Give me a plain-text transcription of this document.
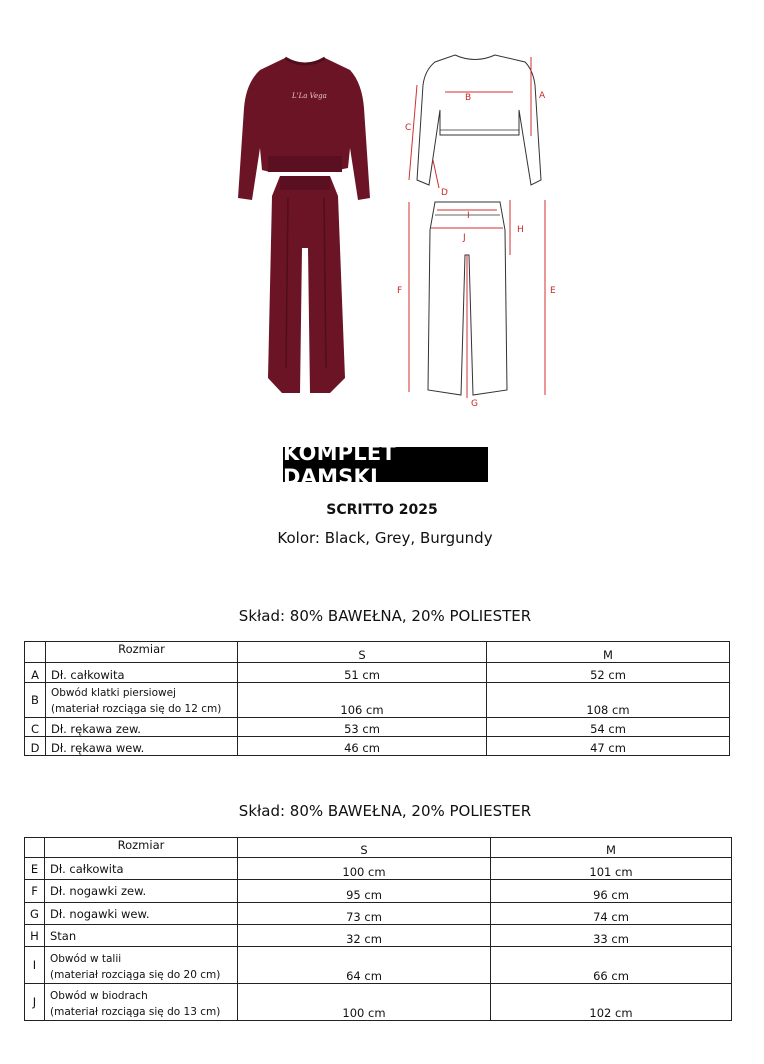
L'La Vega	B	A
C
D
I
J
H
E
F
G
KOMPLET DAMSKI
SCRITTO 2025
Kolor: Black, Grey, Burgundy
Skład: 80% BAWEŁNA, 20% POLIESTER
	Rozmiar	S	M
A	Dł. całkowita	51 cm	52 cm
B	Obwód klatki piersiowej
(materiał rozciąga się do 12 cm)	106 cm	108 cm
C	Dł. rękawa zew.	53 cm	54 cm
D	Dł. rękawa wew.	46 cm	47 cm
Skład: 80% BAWEŁNA, 20% POLIESTER
	Rozmiar	S	M
E	Dł. całkowita	100 cm	101 cm
F	Dł. nogawki zew.	95 cm	96 cm
G	Dł. nogawki wew.	73 cm	74 cm
H	Stan	32 cm	33 cm
I	Obwód w talii
(materiał rozciąga się do 20 cm)	64 cm	66 cm
J	Obwód w biodrach
(materiał rozciąga się do 13 cm)	100 cm	102 cm
